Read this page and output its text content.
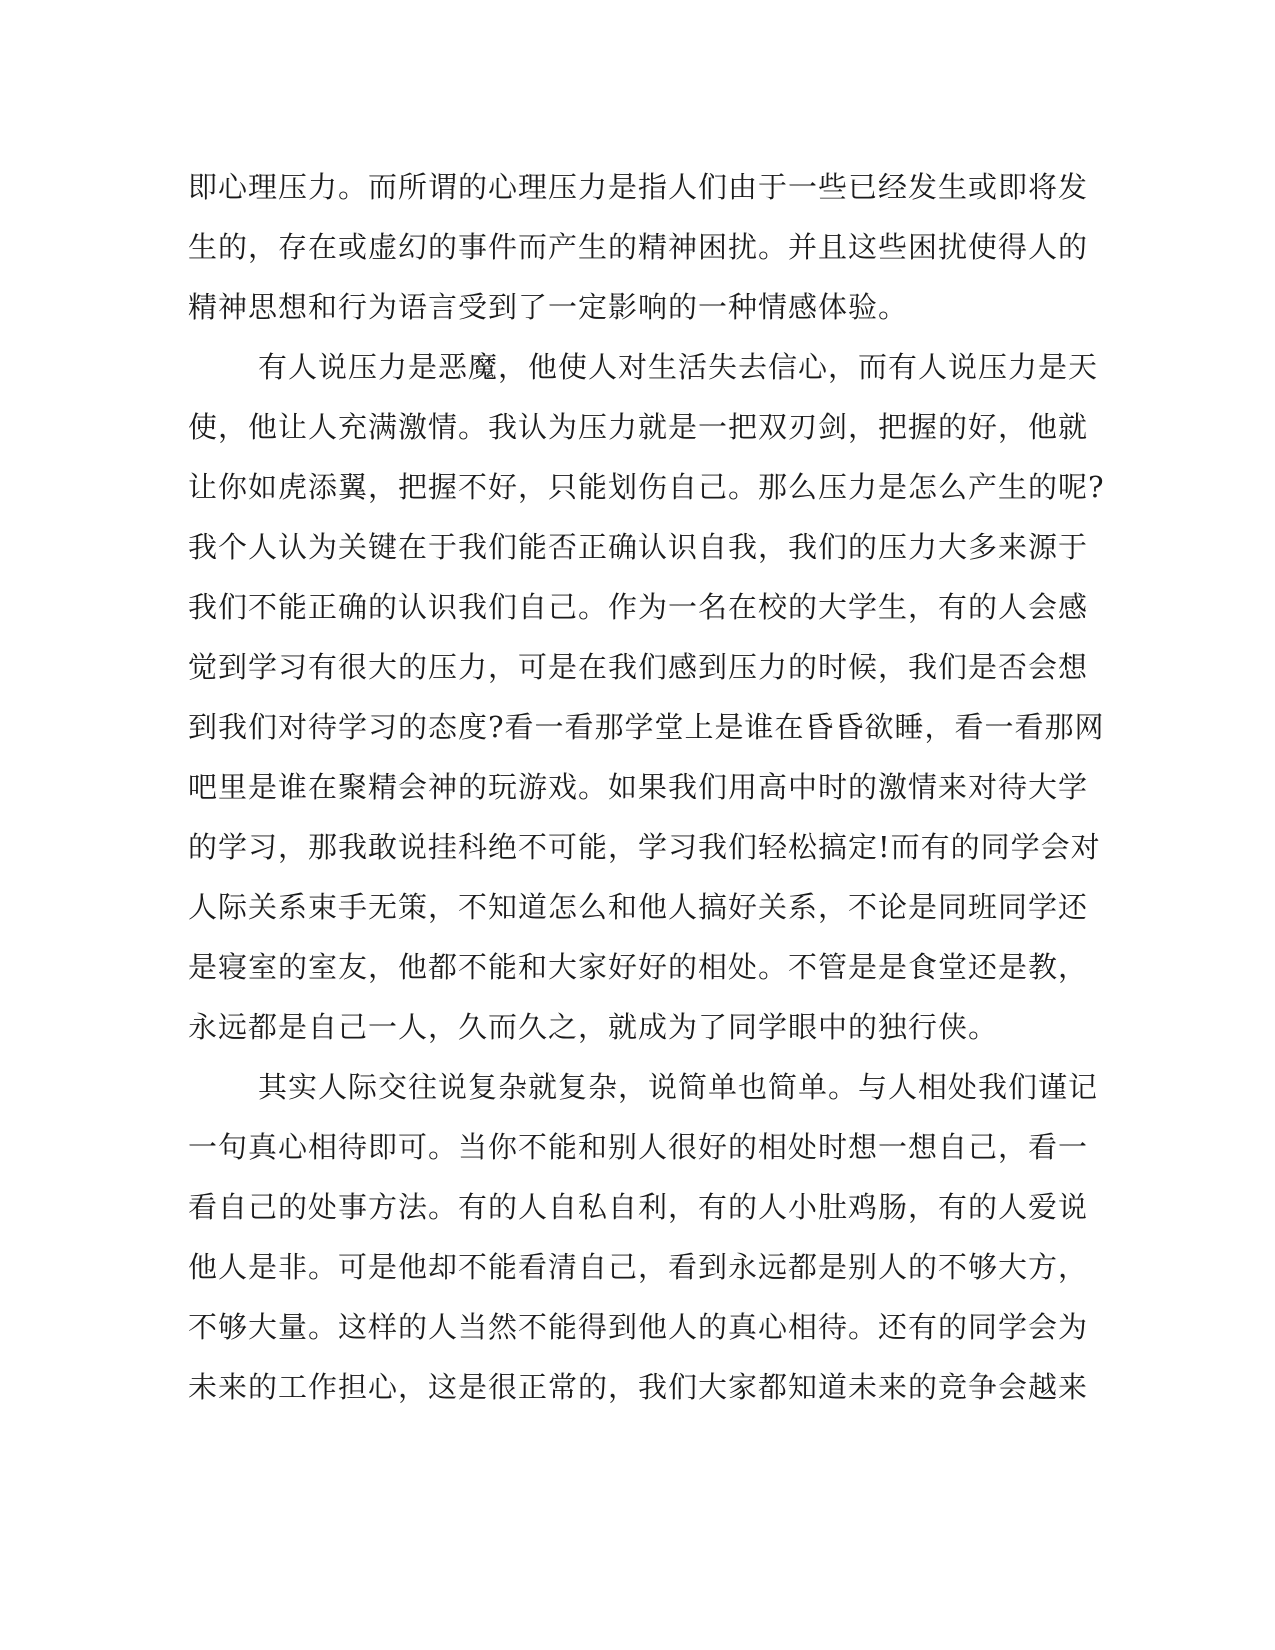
即心理压力。而所谓的心理压力是指人们由于一些已经发生或即将发
生的，存在或虚幻的事件而产生的精神困扰。并且这些困扰使得人的
精神思想和行为语言受到了一定影响的一种情感体验。
有人说压力是恶魔，他使人对生活失去信心，而有人说压力是天
使，他让人充满激情。我认为压力就是一把双刃剑，把握的好，他就
让你如虎添翼，把握不好，只能划伤自己。那么压力是怎么产生的呢?
我个人认为关键在于我们能否正确认识自我，我们的压力大多来源于
我们不能正确的认识我们自己。作为一名在校的大学生，有的人会感
觉到学习有很大的压力，可是在我们感到压力的时候，我们是否会想
到我们对待学习的态度?看一看那学堂上是谁在昏昏欲睡，看一看那网
吧里是谁在聚精会神的玩游戏。如果我们用高中时的激情来对待大学
的学习，那我敢说挂科绝不可能，学习我们轻松搞定!而有的同学会对
人际关系束手无策，不知道怎么和他人搞好关系，不论是同班同学还
是寝室的室友，他都不能和大家好好的相处。不管是是食堂还是教，
永远都是自己一人，久而久之，就成为了同学眼中的独行侠。
其实人际交往说复杂就复杂，说简单也简单。与人相处我们谨记
一句真心相待即可。当你不能和别人很好的相处时想一想自己，看一
看自己的处事方法。有的人自私自利，有的人小肚鸡肠，有的人爱说
他人是非。可是他却不能看清自己，看到永远都是别人的不够大方，
不够大量。这样的人当然不能得到他人的真心相待。还有的同学会为
未来的工作担心，这是很正常的，我们大家都知道未来的竞争会越来
